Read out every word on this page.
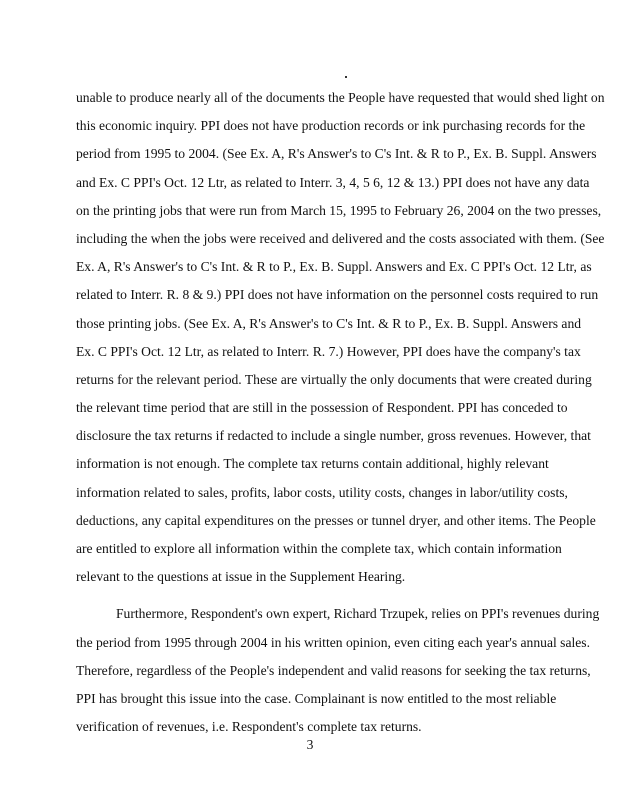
unable to produce nearly all of the documents the People have requested that would shed light on
this economic inquiry. PPI does not have production records or ink purchasing records for the
period from 1995 to 2004. (See Ex. A, R's Answer's to C's Int. & R to P., Ex. B. Suppl. Answers
and Ex. C PPI's Oct. 12 Ltr, as related to Interr. 3, 4, 5 6, 12 & 13.) PPI does not have any data
on the printing jobs that were run from March 15, 1995 to February 26, 2004 on the two presses,
including the when the jobs were received and delivered and the costs associated with them. (See
Ex. A, R's Answer's to C's Int. & R to P., Ex. B. Suppl. Answers and Ex. C PPI's Oct. 12 Ltr, as
related to Interr. R. 8 & 9.) PPI does not have information on the personnel costs required to run
those printing jobs. (See Ex. A, R's Answer's to C's Int. & R to P., Ex. B. Suppl. Answers and
Ex. C PPI's Oct. 12 Ltr, as related to Interr. R. 7.) However, PPI does have the company's tax
returns for the relevant period. These are virtually the only documents that were created during
the relevant time period that are still in the possession of Respondent. PPI has conceded to
disclosure the tax returns if redacted to include a single number, gross revenues. However, that
information is not enough. The complete tax returns contain additional, highly relevant
information related to sales, profits, labor costs, utility costs, changes in labor/utility costs,
deductions, any capital expenditures on the presses or tunnel dryer, and other items. The People
are entitled to explore all information within the complete tax, which contain information
relevant to the questions at issue in the Supplement Hearing.
Furthermore, Respondent's own expert, Richard Trzupek, relies on PPI's revenues during
the period from 1995 through 2004 in his written opinion, even citing each year's annual sales.
Therefore, regardless of the People's independent and valid reasons for seeking the tax returns,
PPI has brought this issue into the case. Complainant is now entitled to the most reliable
verification of revenues, i.e. Respondent's complete tax returns.
3
